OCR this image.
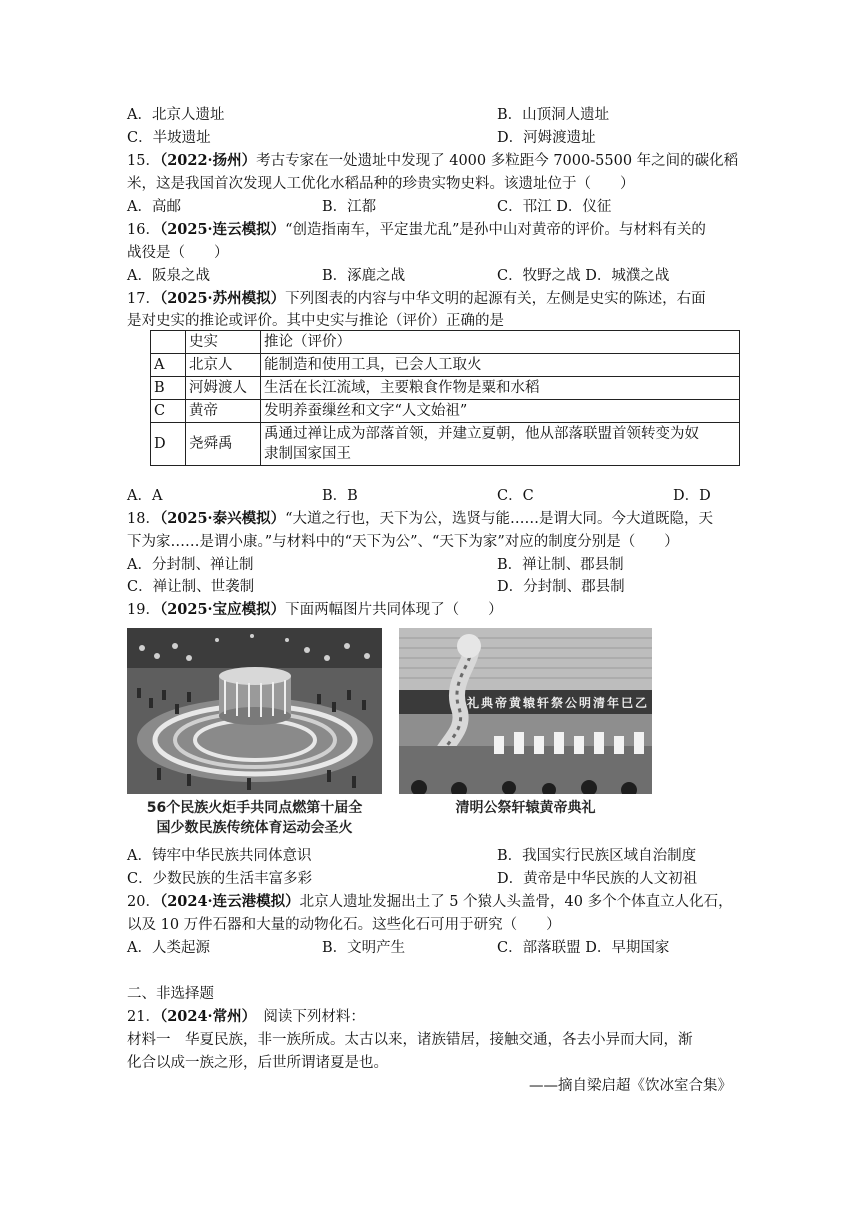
A．北京人遗址	B．山顶洞人遗址
C．半坡遗址	D．河姆渡遗址
15．（2022·扬州）考古专家在一处遗址中发现了 4000 多粒距今 7000-5500 年之间的碳化稻
米，这是我国首次发现人工优化水稻品种的珍贵实物史料。该遗址位于（　　）
A．高邮	B．江都	C．邗江 D．仪征
16．（2025·连云模拟）“创造指南车，平定蚩尤乱”是孙中山对黄帝的评价。与材料有关的
战役是（　　）
A．阪泉之战	B．涿鹿之战	C．牧野之战 D．城濮之战
17．（2025·苏州模拟）下列图表的内容与中华文明的起源有关，左侧是史实的陈述，右面
是对史实的推论或评价。其中史实与推论（评价）正确的是
	史实	推论（评价）
A	北京人	能制造和使用工具，已会人工取火
B	河姆渡人	生活在长江流域，主要粮食作物是粟和水稻
C	黄帝	发明养蚕缫丝和文字“人文始祖”
D	尧舜禹	禹通过禅让成为部落首领，并建立夏朝，他从部落联盟首领转变为奴
隶制国家国王
A．A	B．B	C．C	D．D
18．（2025·泰兴模拟）“大道之行也，天下为公，选贤与能……是谓大同。今大道既隐，天
下为家……是谓小康。”与材料中的“天下为公”、“天下为家”对应的制度分别是（　　）
A．分封制、禅让制	B．禅让制、郡县制
C．禅让制、世袭制	D．分封制、郡县制
19．（2025·宝应模拟）下面两幅图片共同体现了（　　）
56个民族火炬手共同点燃第十届全
国少数民族传统体育运动会圣火
乙巳年清明公祭轩辕黄帝典礼
清明公祭轩辕黄帝典礼
A．铸牢中华民族共同体意识	B．我国实行民族区域自治制度
C．少数民族的生活丰富多彩	D．黄帝是中华民族的人文初祖
20．（2024·连云港模拟）北京人遗址发掘出土了 5 个猿人头盖骨，40 多个个体直立人化石，
以及 10 万件石器和大量的动物化石。这些化石可用于研究（　　）
A．人类起源	B．文明产生	C．部落联盟 D．早期国家
二、非选择题
21．（2024·常州）　 阅读下列材料：
材料一　 华夏民族，非一族所成。太古以来，诸族错居，接触交通，各去小异而大同，渐
化合以成一族之形，后世所谓诸夏是也。
——摘自梁启超《饮冰室合集》
